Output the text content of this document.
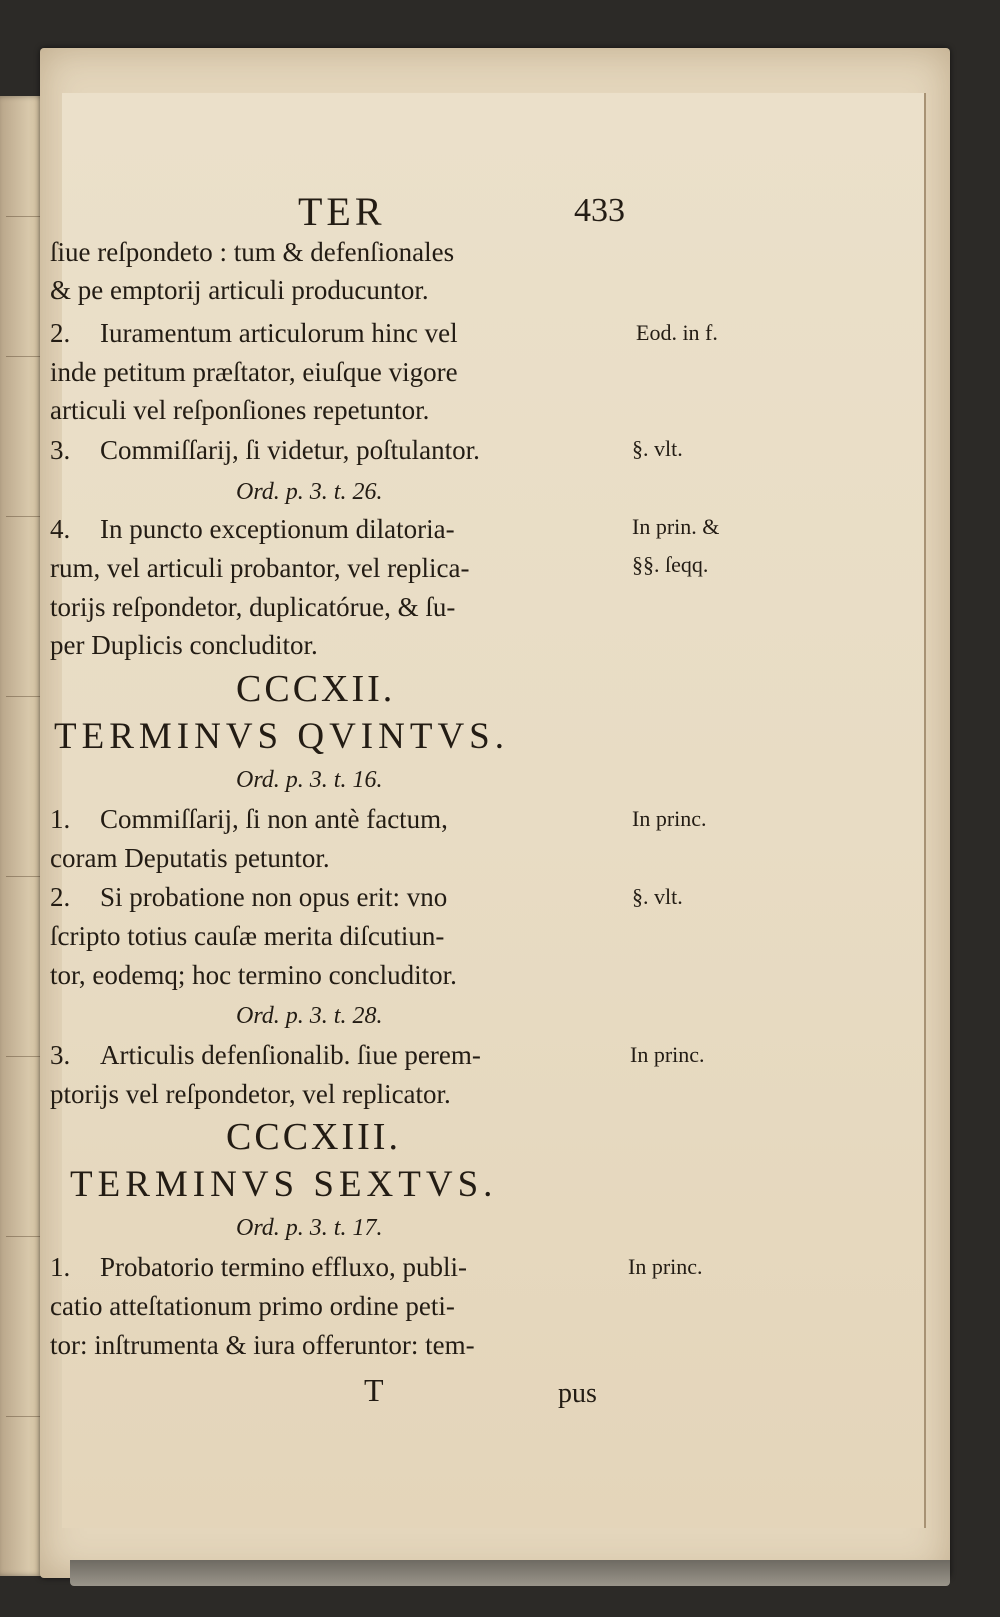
TER	433
ſiue reſpondeto : tum & defenſionales
& pe emptorij articuli producuntor.
2. Iuramentum articulorum hinc vel	Eod. in f.
inde petitum præſtator, eiuſque vigore
articuli vel reſponſiones repetuntor.
3. Commiſſarij, ſi videtur, poſtulantor.	§. vlt.
Ord. p. 3. t. 26.
4. In puncto exceptionum dilatoria-	In prin. &
rum, vel articuli probantor, vel replica-	§§. ſeqq.
torijs reſpondetor, duplicatórue, & ſu-
per Duplicis concluditor.
CCCXII.
TERMINVS QVINTVS.
Ord. p. 3. t. 16.
1. Commiſſarij, ſi non antè factum,	In princ.
coram Deputatis petuntor.
2. Si probatione non opus erit: vno	§. vlt.
ſcripto totius cauſæ merita diſcutiun-
tor, eodemq; hoc termino concluditor.
Ord. p. 3. t. 28.
3. Articulis defenſionalib. ſiue perem-	In princ.
ptorijs vel reſpondetor, vel replicator.
CCCXIII.
TERMINVS SEXTVS.
Ord. p. 3. t. 17.
1. Probatorio termino effluxo, publi-	In princ.
catio atteſtationum primo ordine peti-
tor: inſtrumenta & iura offeruntor: tem-
T	pus
